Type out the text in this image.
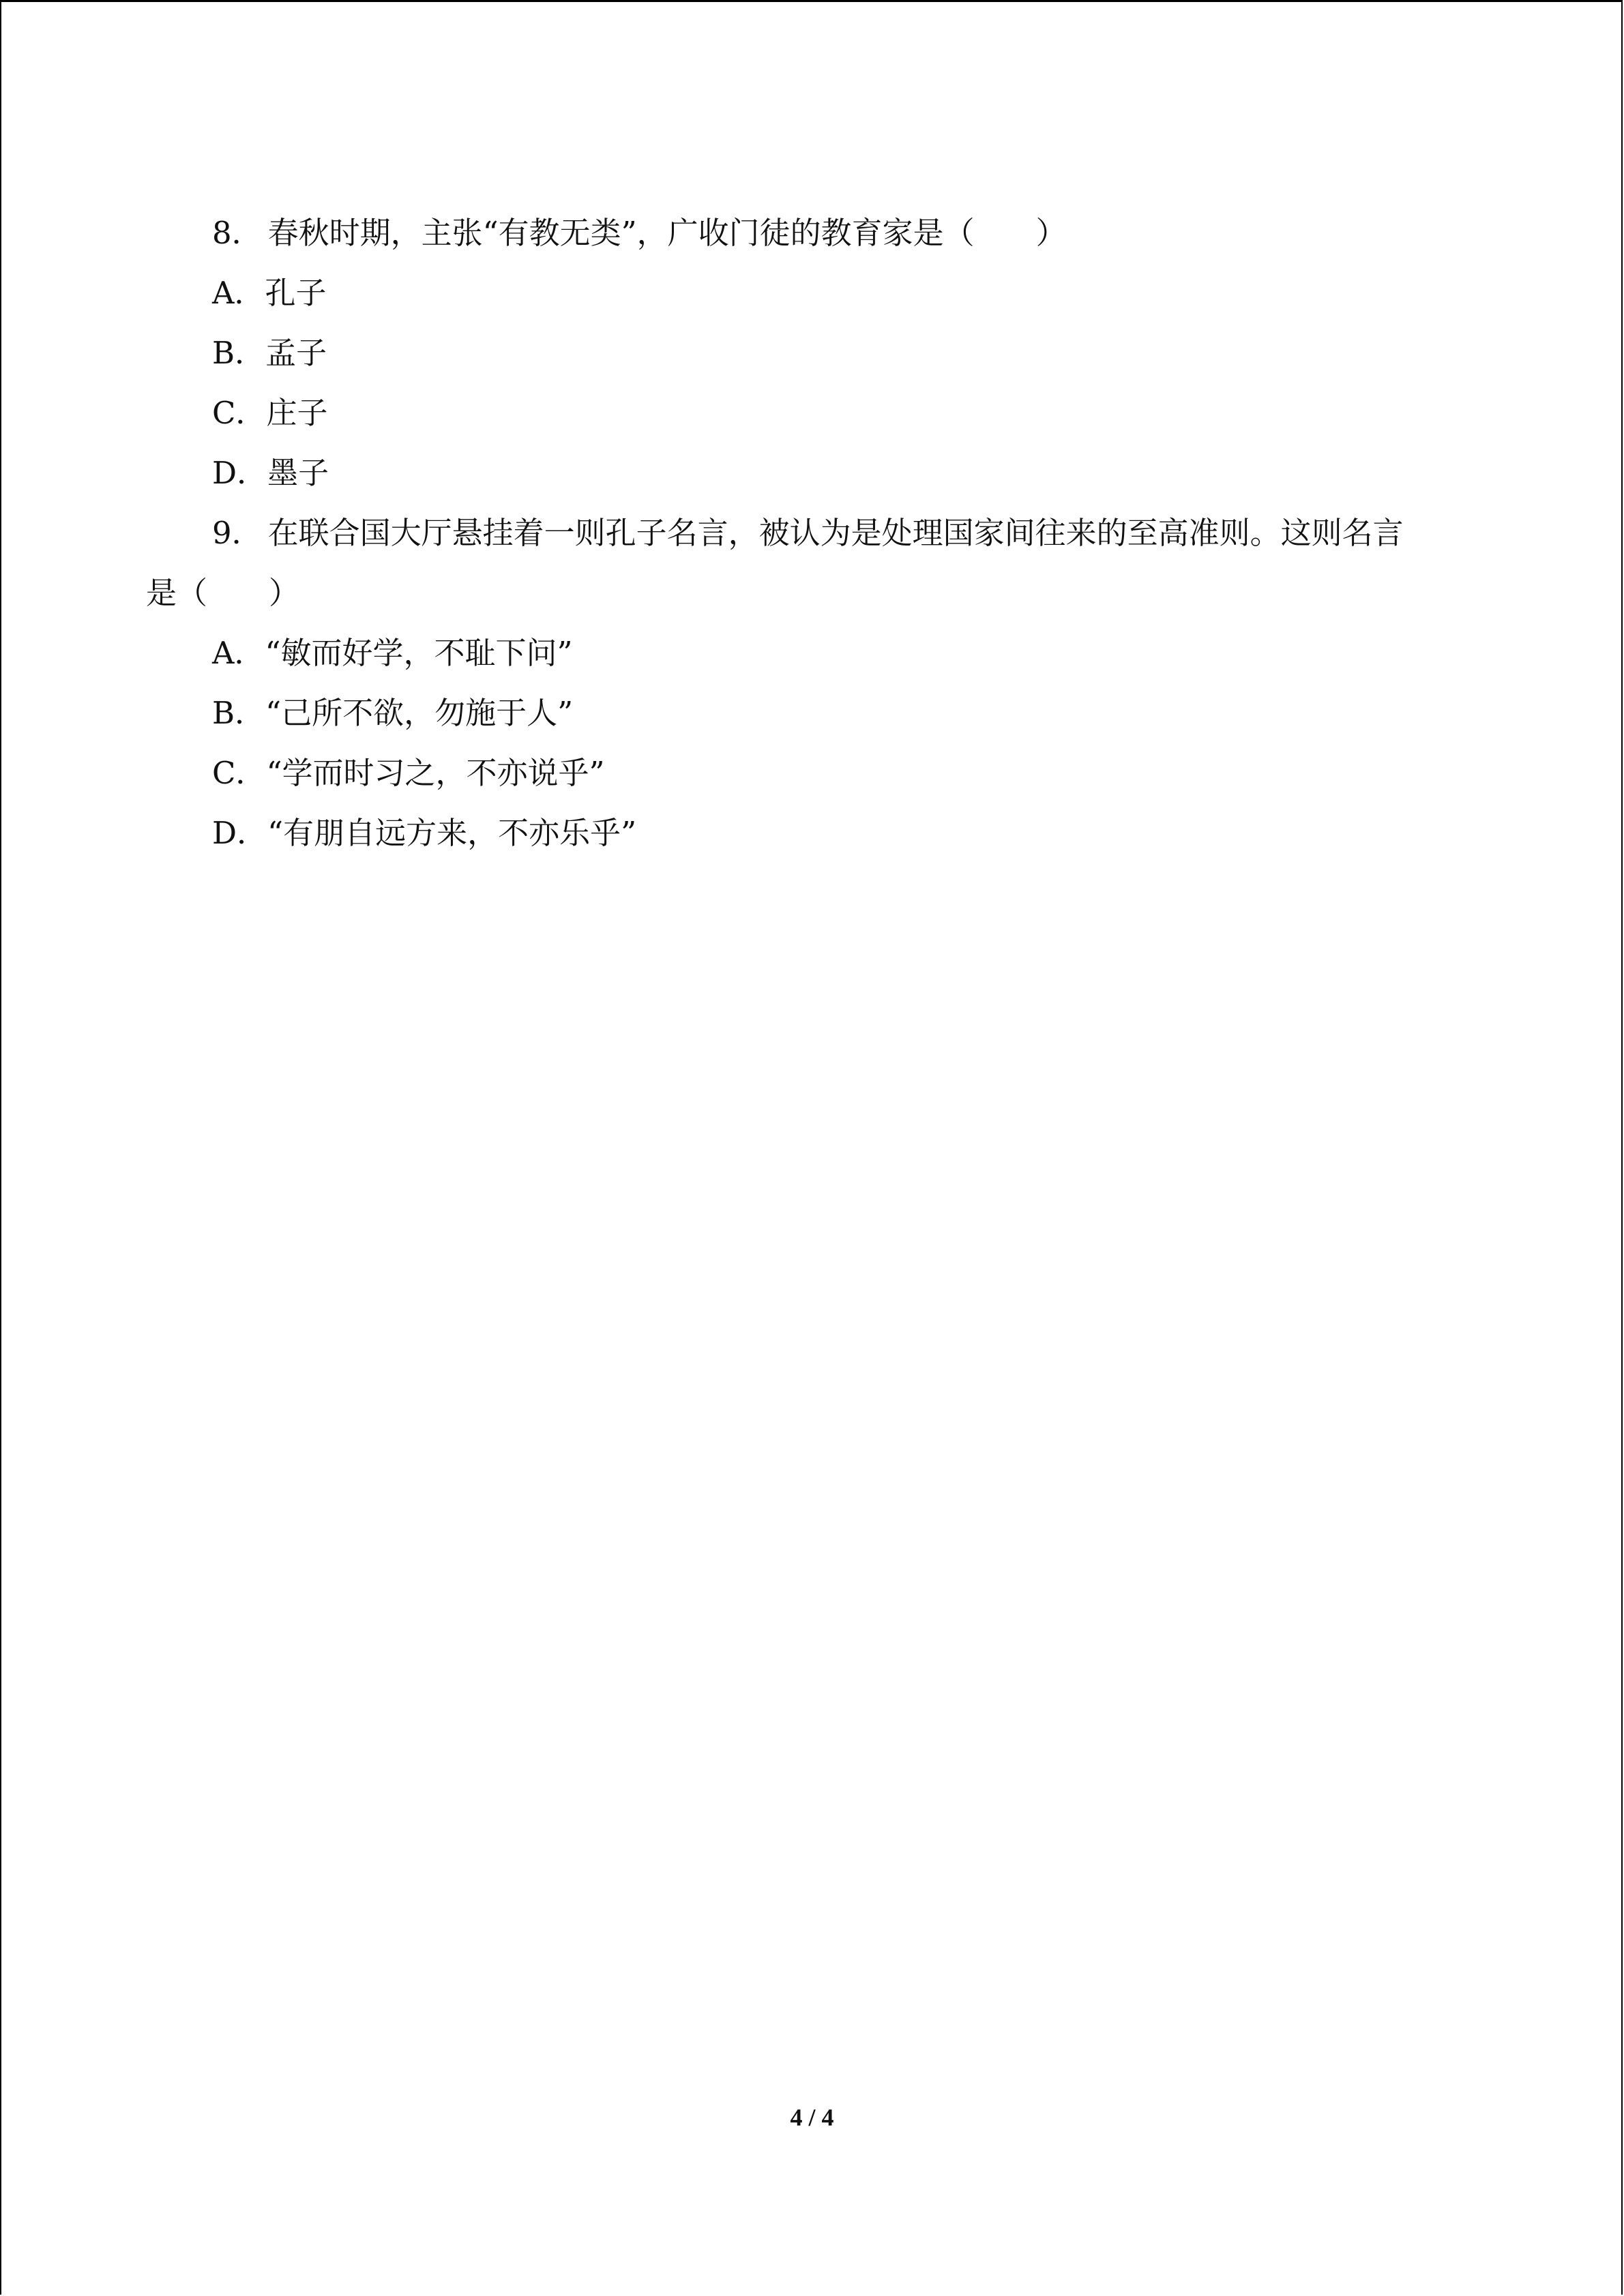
8． 春秋时期，主张“有教无类”，广收门徒的教育家是（　　）
A．孔子
B．孟子
C．庄子
D．墨子
9． 在联合国大厅悬挂着一则孔子名言，被认为是处理国家间往来的至高准则。这则名言
是（　　）
A．“敏而好学，不耻下问”
B．“己所不欲，勿施于人”
C．“学而时习之，不亦说乎”
D．“有朋自远方来，不亦乐乎”
4 / 4
